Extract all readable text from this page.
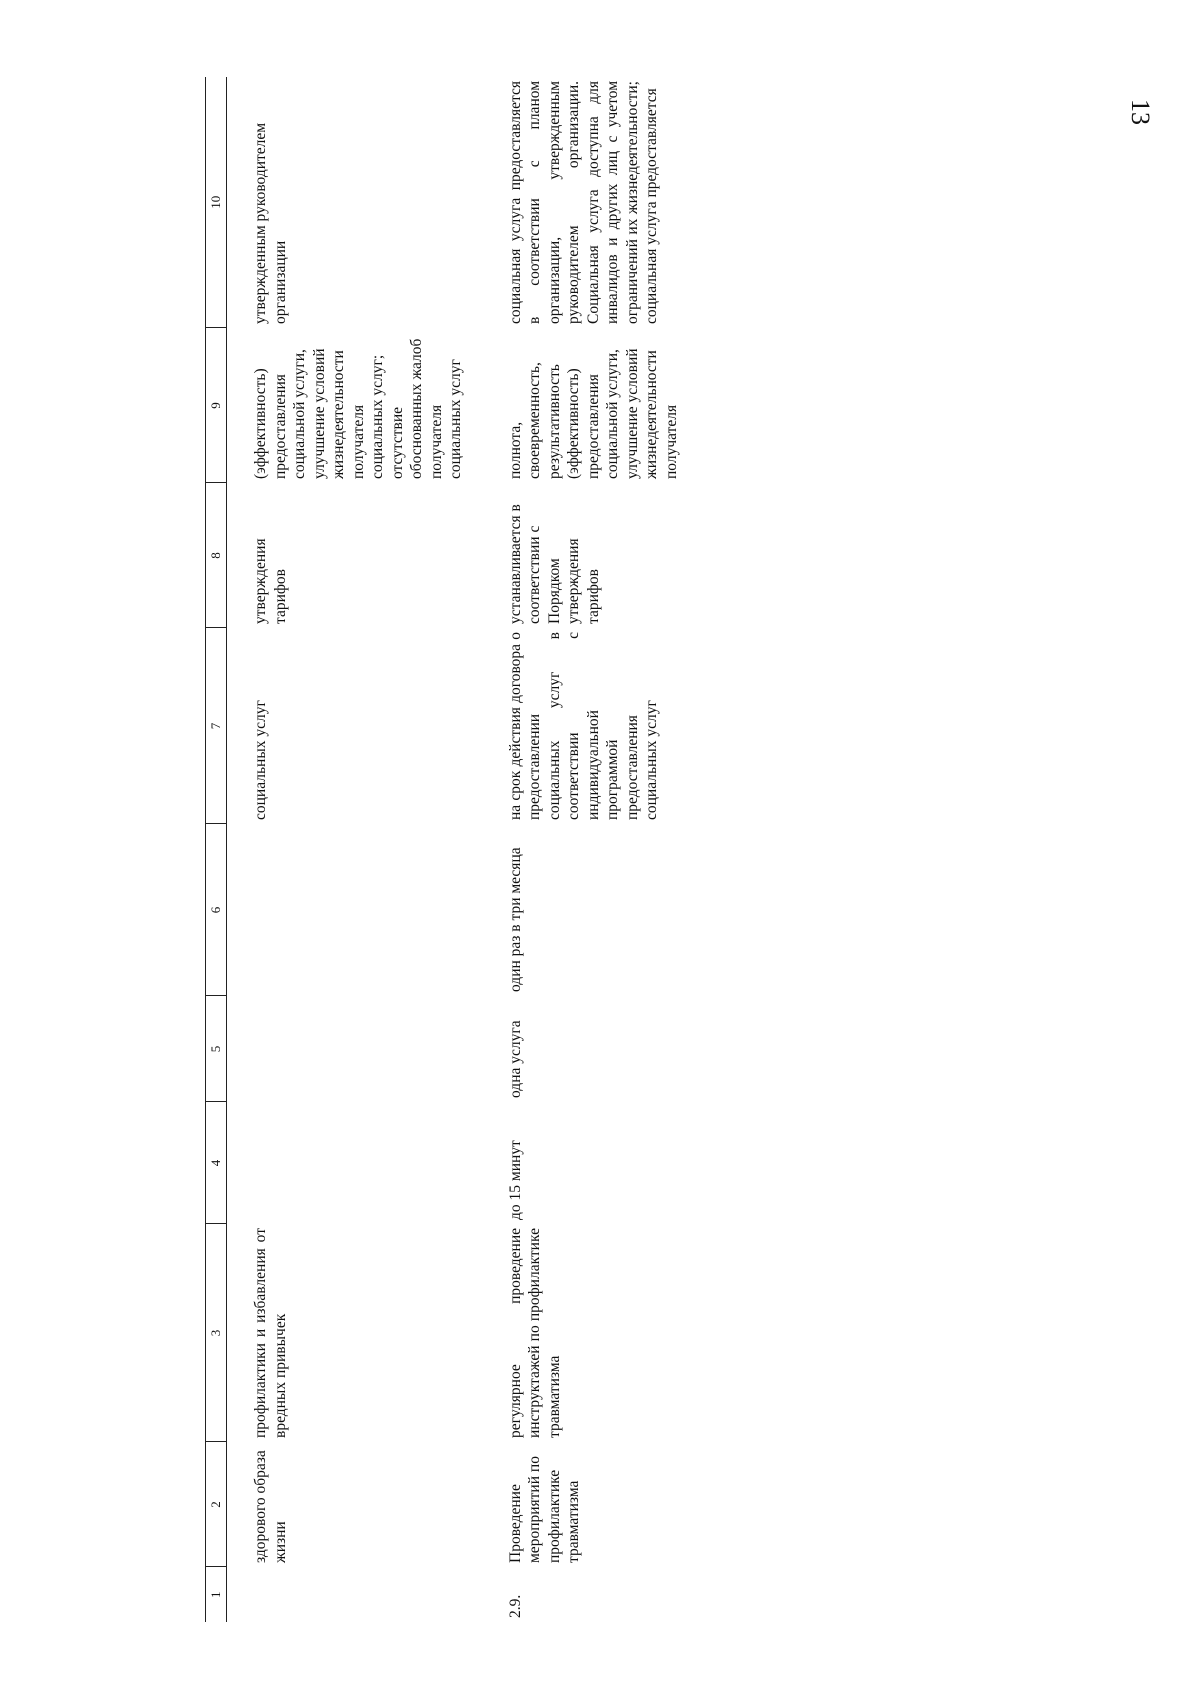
13
1	2	3	4	5	6	7	8	9	10
	здорового образа жизни	профилактики и избавления от вредных привычек				социальных услуг	утверждения тарифов	(эффективность) предоставления социальной услуги, улучшение условий жизнедеятельности получателя социальных услуг; отсутствие обоснованных жалоб получателя социальных услуг	утвержденным руководителем организации
2.9.	Проведение мероприятий по профилактике травматизма	регулярное проведение инструктажей по профилактике травматизма	до 15 минут	одна услуга	один раз в три месяца	на срок действия договора о предоставлении социальных услуг в соответствии с индивидуальной программой предоставления социальных услуг	устанавливается в соответствии с Порядком утверждения тарифов	полнота, своевременность, результативность (эффективность) предоставления социальной услуги, улучшение условий жизнедеятельности получателя	социальная услуга предоставляется в соответствии с планом организации, утвержденным руководителем организации. Социальная услуга доступна для инвалидов и других лиц с учетом ограничений их жизнедеятельности; социальная услуга предоставляется
